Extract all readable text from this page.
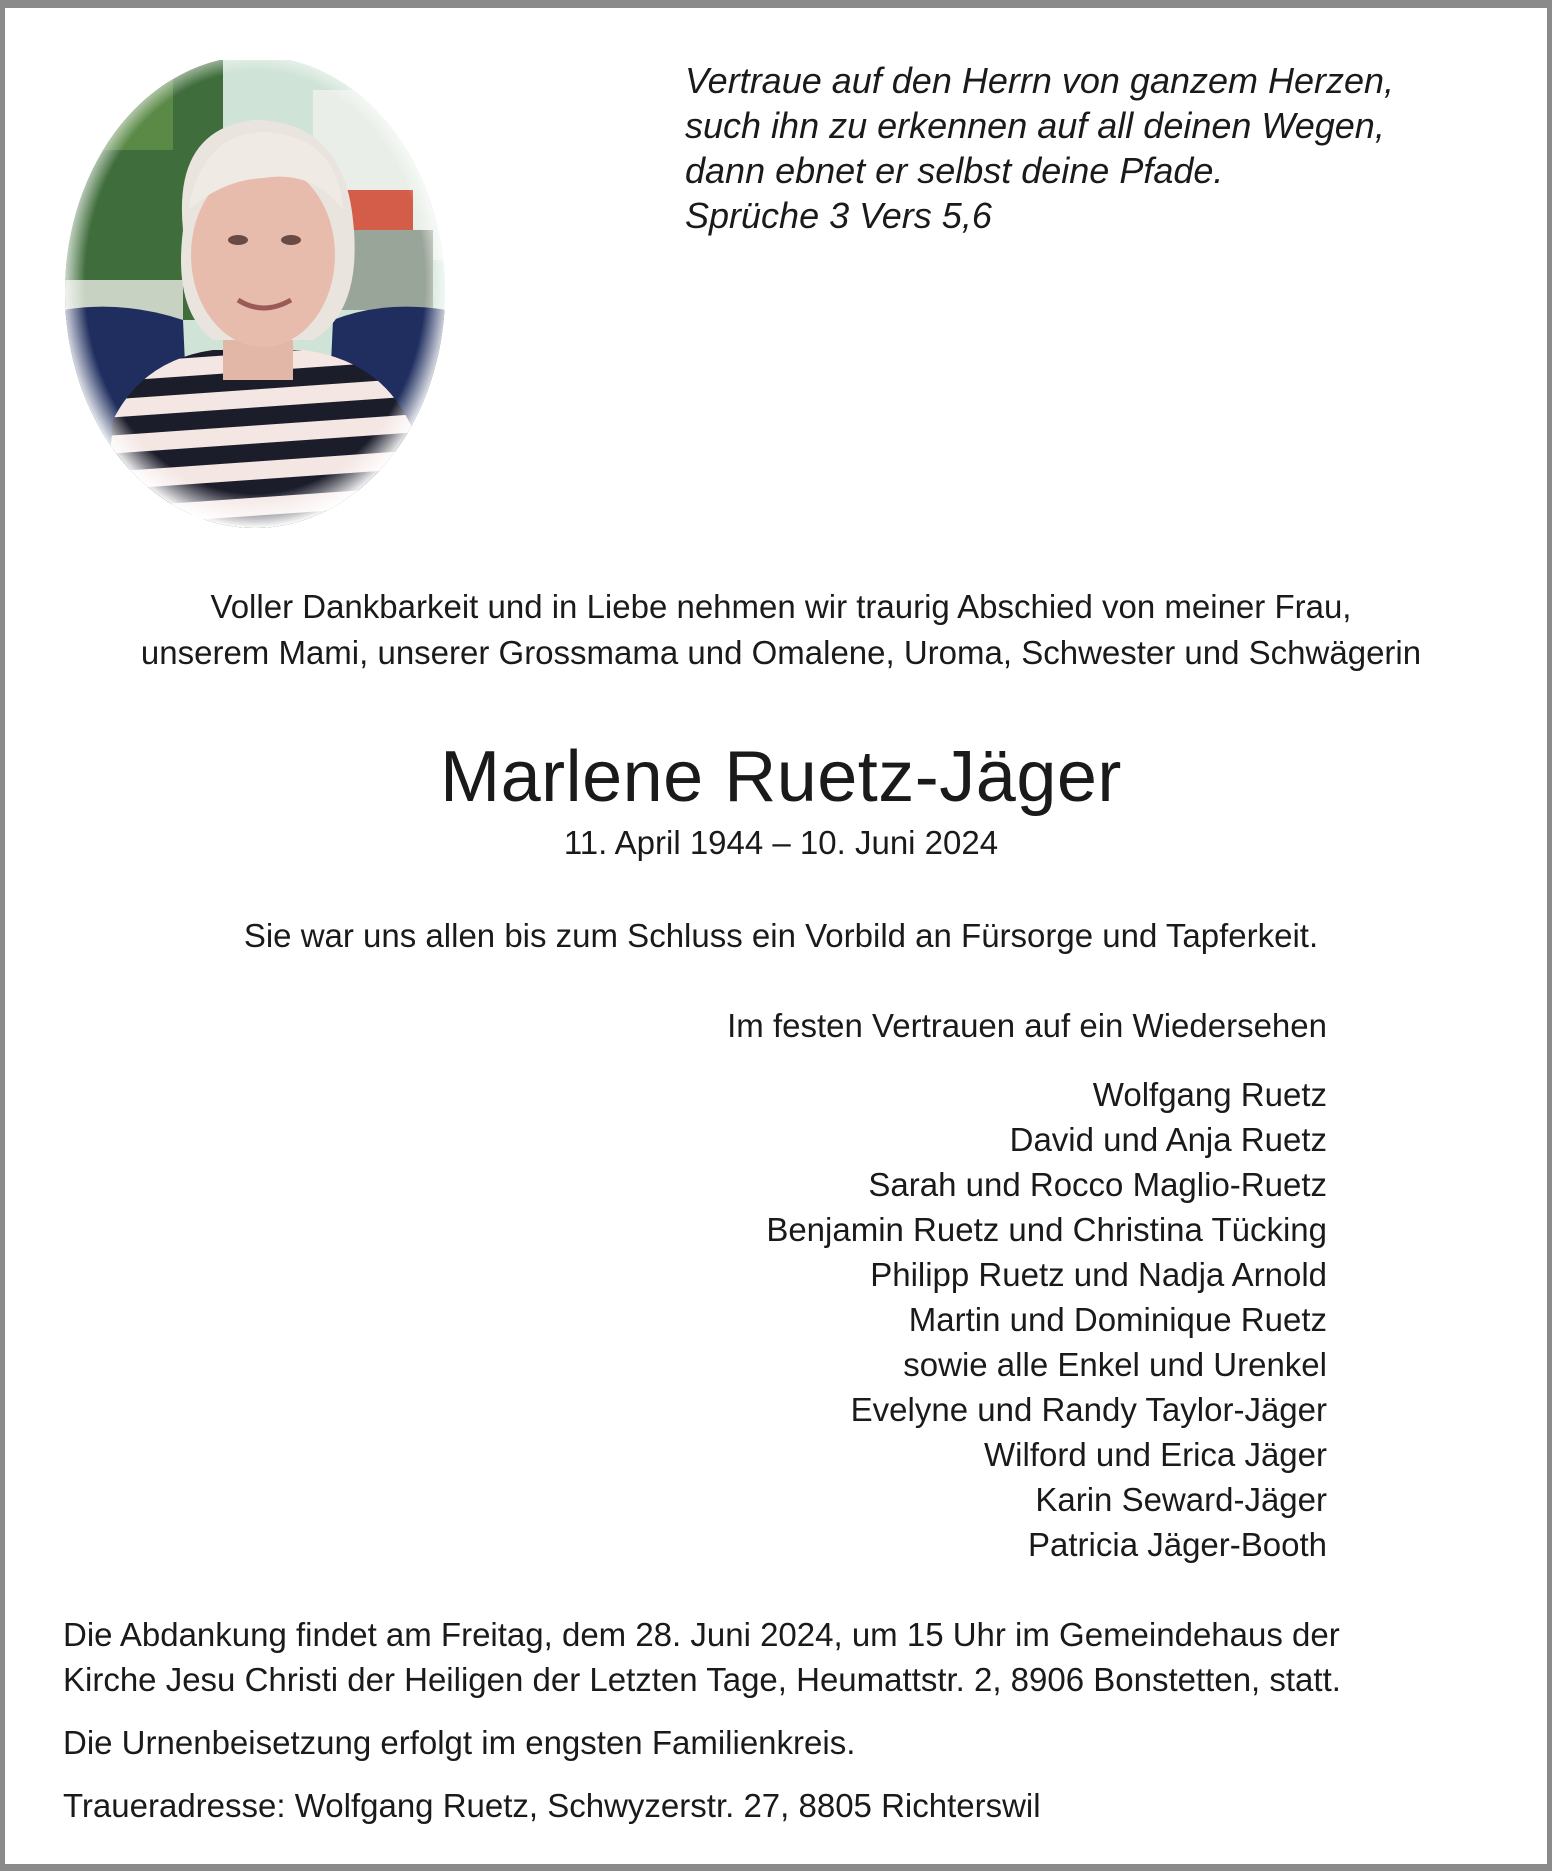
Vertraue auf den Herrn von ganzem Herzen,
such ihn zu erkennen auf all deinen Wegen,
dann ebnet er selbst deine Pfade.
Sprüche 3 Vers 5,6
Voller Dankbarkeit und in Liebe nehmen wir traurig Abschied von meiner Frau,
unserem Mami, unserer Grossmama und Omalene, Uroma, Schwester und Schwägerin
Marlene Ruetz-Jäger
11. April 1944 – 10. Juni 2024
Sie war uns allen bis zum Schluss ein Vorbild an Fürsorge und Tapferkeit.
Im festen Vertrauen auf ein Wiedersehen
Wolfgang Ruetz
David und Anja Ruetz
Sarah und Rocco Maglio-Ruetz
Benjamin Ruetz und Christina Tücking
Philipp Ruetz und Nadja Arnold
Martin und Dominique Ruetz
sowie alle Enkel und Urenkel
Evelyne und Randy Taylor-Jäger
Wilford und Erica Jäger
Karin Seward-Jäger
Patricia Jäger-Booth
Die Abdankung findet am Freitag, dem 28. Juni 2024, um 15 Uhr im Gemeindehaus der
Kirche Jesu Christi der Heiligen der Letzten Tage, Heumattstr. 2, 8906 Bonstetten, statt.
Die Urnenbeisetzung erfolgt im engsten Familienkreis.
Traueradresse: Wolfgang Ruetz, Schwyzerstr. 27, 8805 Richterswil
